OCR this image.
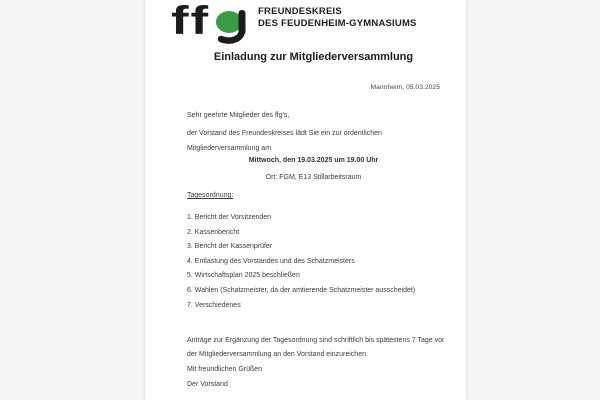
ff	FREUNDESKREIS
DES FEUDENHEIM-GYMNASIUMS
Einladung zur Mitgliederversammlung
Mannheim, 05.03.2025
Sehr geehrte Mitglieder des ffg's,
der Vorstand des Freundeskreises lädt Sie ein zur ordentlichen
Mitgliederversammlung am
Mittwoch, den 19.03.2025 um 19.00 Uhr
Ort: FGM, E13 Stillarbeitsraum
Tagesordnung:
1. Bericht der Vorsitzenden
2. Kassenbericht
3. Bericht der Kassenprüfer
4. Entlastung des Vorstandes und des Schatzmeisters
5. Wirtschaftsplan 2025 beschließen
6. Wahlen (Schatzmeister, da der amtierende Schatzmeister ausscheidet)
7. Verschiedenes
Anträge zur Ergänzung der Tagesordnung sind schriftlich bis spätestens 7 Tage vor
der Mitgliederversammlung an den Vorstand einzureichen.
Mit freundlichen Grüßen
Der Vorstand
